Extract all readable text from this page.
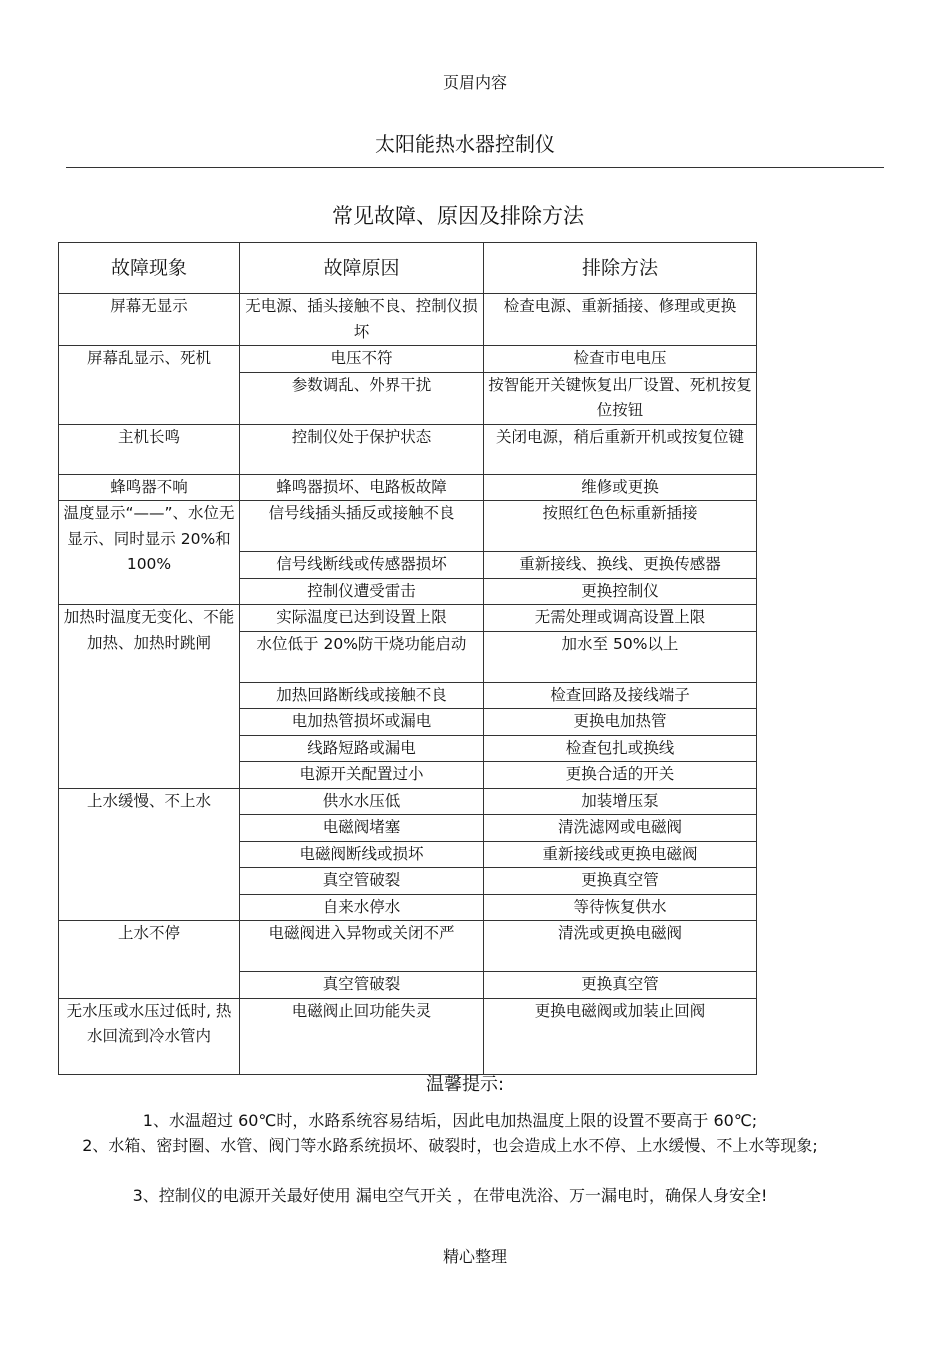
页眉内容
太阳能热水器控制仪
常见故障、原因及排除方法
故障现象	故障原因	排除方法
屏幕无显示	无电源、插头接触不良、控制仪损坏	检查电源、重新插接、修理或更换
屏幕乱显示、死机	电压不符	检查市电电压
	参数调乱、外界干扰	按智能开关键恢复出厂设置、死机按复位按钮
主机长鸣	控制仪处于保护状态	关闭电源，稍后重新开机或按复位键
蜂鸣器不响	蜂鸣器损坏、电路板故障	维修或更换
温度显示“——”、水位无显示、同时显示 20%和100%	信号线插头插反或接触不良	按照红色色标重新插接
	信号线断线或传感器损坏	重新接线、换线、更换传感器
	控制仪遭受雷击	更换控制仪
加热时温度无变化、不能加热、加热时跳闸	实际温度已达到设置上限	无需处理或调高设置上限
	水位低于 20%防干烧功能启动	加水至 50%以上
	加热回路断线或接触不良	检查回路及接线端子
	电加热管损坏或漏电	更换电加热管
	线路短路或漏电	检查包扎或换线
	电源开关配置过小	更换合适的开关
上水缓慢、不上水	供水水压低	加装增压泵
	电磁阀堵塞	清洗滤网或电磁阀
	电磁阀断线或损坏	重新接线或更换电磁阀
	真空管破裂	更换真空管
	自来水停水	等待恢复供水
上水不停	电磁阀进入异物或关闭不严	清洗或更换电磁阀
	真空管破裂	更换真空管
无水压或水压过低时, 热水回流到冷水管内	电磁阀止回功能失灵	更换电磁阀或加装止回阀
温馨提示:
1、水温超过 60℃时，水路系统容易结垢，因此电加热温度上限的设置不要高于 60℃;
2、水箱、密封圈、水管、阀门等水路系统损坏、破裂时，也会造成上水不停、上水缓慢、不上水等现象;
3、控制仪的电源开关最好使用 漏电空气开关 ，在带电洗浴、万一漏电时，确保人身安全!
精心整理
